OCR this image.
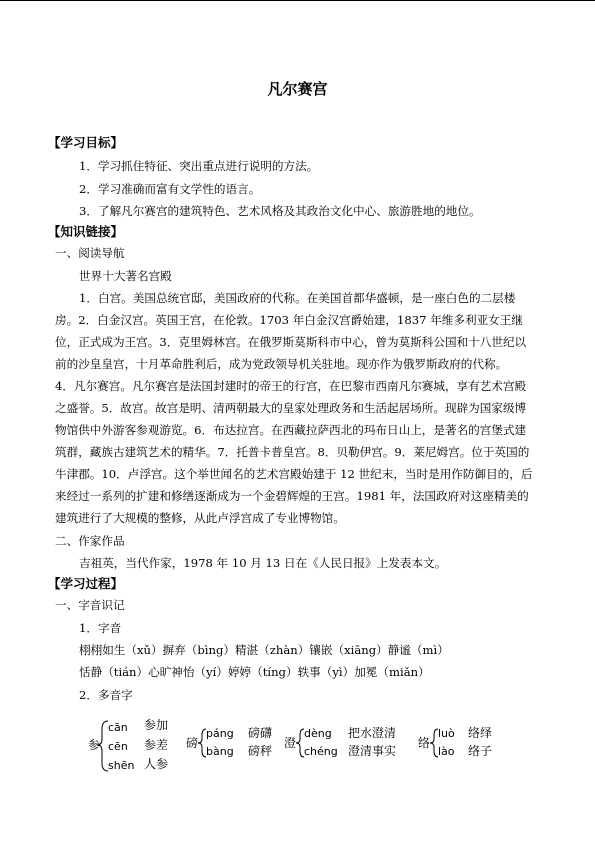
凡尔赛宫
【学习目标】
1．学习抓住特征、突出重点进行说明的方法。
2．学习准确而富有文学性的语言。
3．了解凡尔赛宫的建筑特色、艺术风格及其政治文化中心、旅游胜地的地位。
【知识链接】
一、阅读导航
世界十大著名宫殿
1．白宫。美国总统官邸，美国政府的代称。在美国首都华盛顿，是一座白色的二层楼
房。2．白金汉宫。英国王宫，在伦敦。1703 年白金汉宫爵始建，1837 年维多利亚女王继
位，正式成为王宫。3．克里姆林宫。在俄罗斯莫斯科市中心，曾为莫斯科公国和十八世纪以
前的沙皇皇宫，十月革命胜利后，成为党政领导机关驻地。现亦作为俄罗斯政府的代称。
4．凡尔赛宫。凡尔赛宫是法国封建时的帝王的行宫，在巴黎市西南凡尔赛城，享有艺术宫殿
之盛誉。5．故宫。故宫是明、清两朝最大的皇家处理政务和生活起居场所。现辟为国家级博
物馆供中外游客参观游览。6．布达拉宫。在西藏拉萨西北的玛布日山上，是著名的宫堡式建
筑群，藏族古建筑艺术的精华。7．托普卡普皇宫。8．贝勒伊宫。9．莱尼姆宫。位于英国的
牛津郡。10．卢浮宫。这个举世闻名的艺术宫殿始建于 12 世纪末，当时是用作防御目的，后
来经过一系列的扩建和修缮逐渐成为一个金碧辉煌的王宫。1981 年，法国政府对这座精美的
建筑进行了大规模的整修，从此卢浮宫成了专业博物馆。
二、作家作品
吉祖英，当代作家，1978 年 10 月 13 日在《人民日报》上发表本文。
【学习过程】
一、字音识记
1．字音
栩栩如生（xǔ）摒弃（bìng）精湛（zhàn）镶嵌（xiāng）静谧（mì）
恬静（tián）心旷神怡（yí）婷婷（tíng）轶事（yì）加冕（miǎn）
2．多音字
参
cān
cēn
shēn
参加
参差
人参
磅
páng
bàng
磅礴
磅秤
澄
dèng
chéng
把水澄清
澄清事实
络
luò
lào
络绎
络子
